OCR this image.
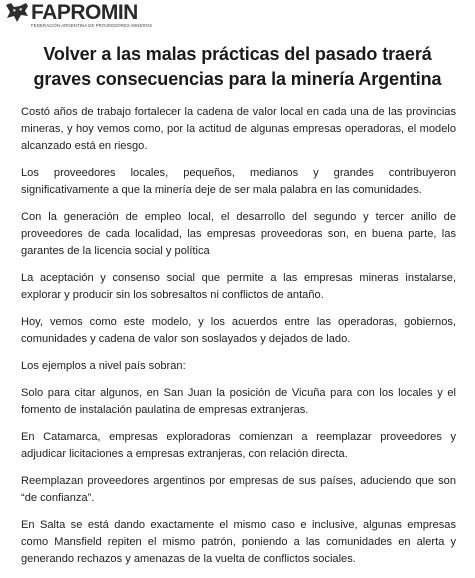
FAPROMIN
FEDERACIÓN ARGENTINA DE PROVEEDORES MINEROS
Volver a las malas prácticas del pasado traerá
graves consecuencias para la minería Argentina

Costó años de trabajo fortalecer la cadena de valor local en cada una de las provincias mineras, y hoy vemos como, por la actitud de algunas empresas operadoras, el modelo alcanzado está en riesgo.

Los proveedores locales, pequeños, medianos y grandes contribuyeron significativamente a que la minería deje de ser mala palabra en las comunidades.

Con la generación de empleo local, el desarrollo del segundo y tercer anillo de proveedores de cada localidad, las empresas proveedoras son, en buena parte, las garantes de la licencia social y política

La aceptación y consenso social que permite a las empresas mineras instalarse, explorar y producir sin los sobresaltos ni conflictos de antaño.

Hoy, vemos como este modelo, y los acuerdos entre las operadoras, gobiernos, comunidades y cadena de valor son soslayados y dejados de lado.

Los ejemplos a nivel país sobran:

Solo para citar algunos, en San Juan la posición de Vicuña para con los locales y el fomento de instalación paulatina de empresas extranjeras.

En Catamarca, empresas exploradoras comienzan a reemplazar proveedores y adjudicar licitaciones a empresas extranjeras, con relación directa.

Reemplazan proveedores argentinos por empresas de sus países, aduciendo que son “de confianza”.

En Salta se está dando exactamente el mismo caso e inclusive, algunas empresas como Mansfield repiten el mismo patrón, poniendo a las comunidades en alerta y generando rechazos y amenazas de la vuelta de conflictos sociales.
